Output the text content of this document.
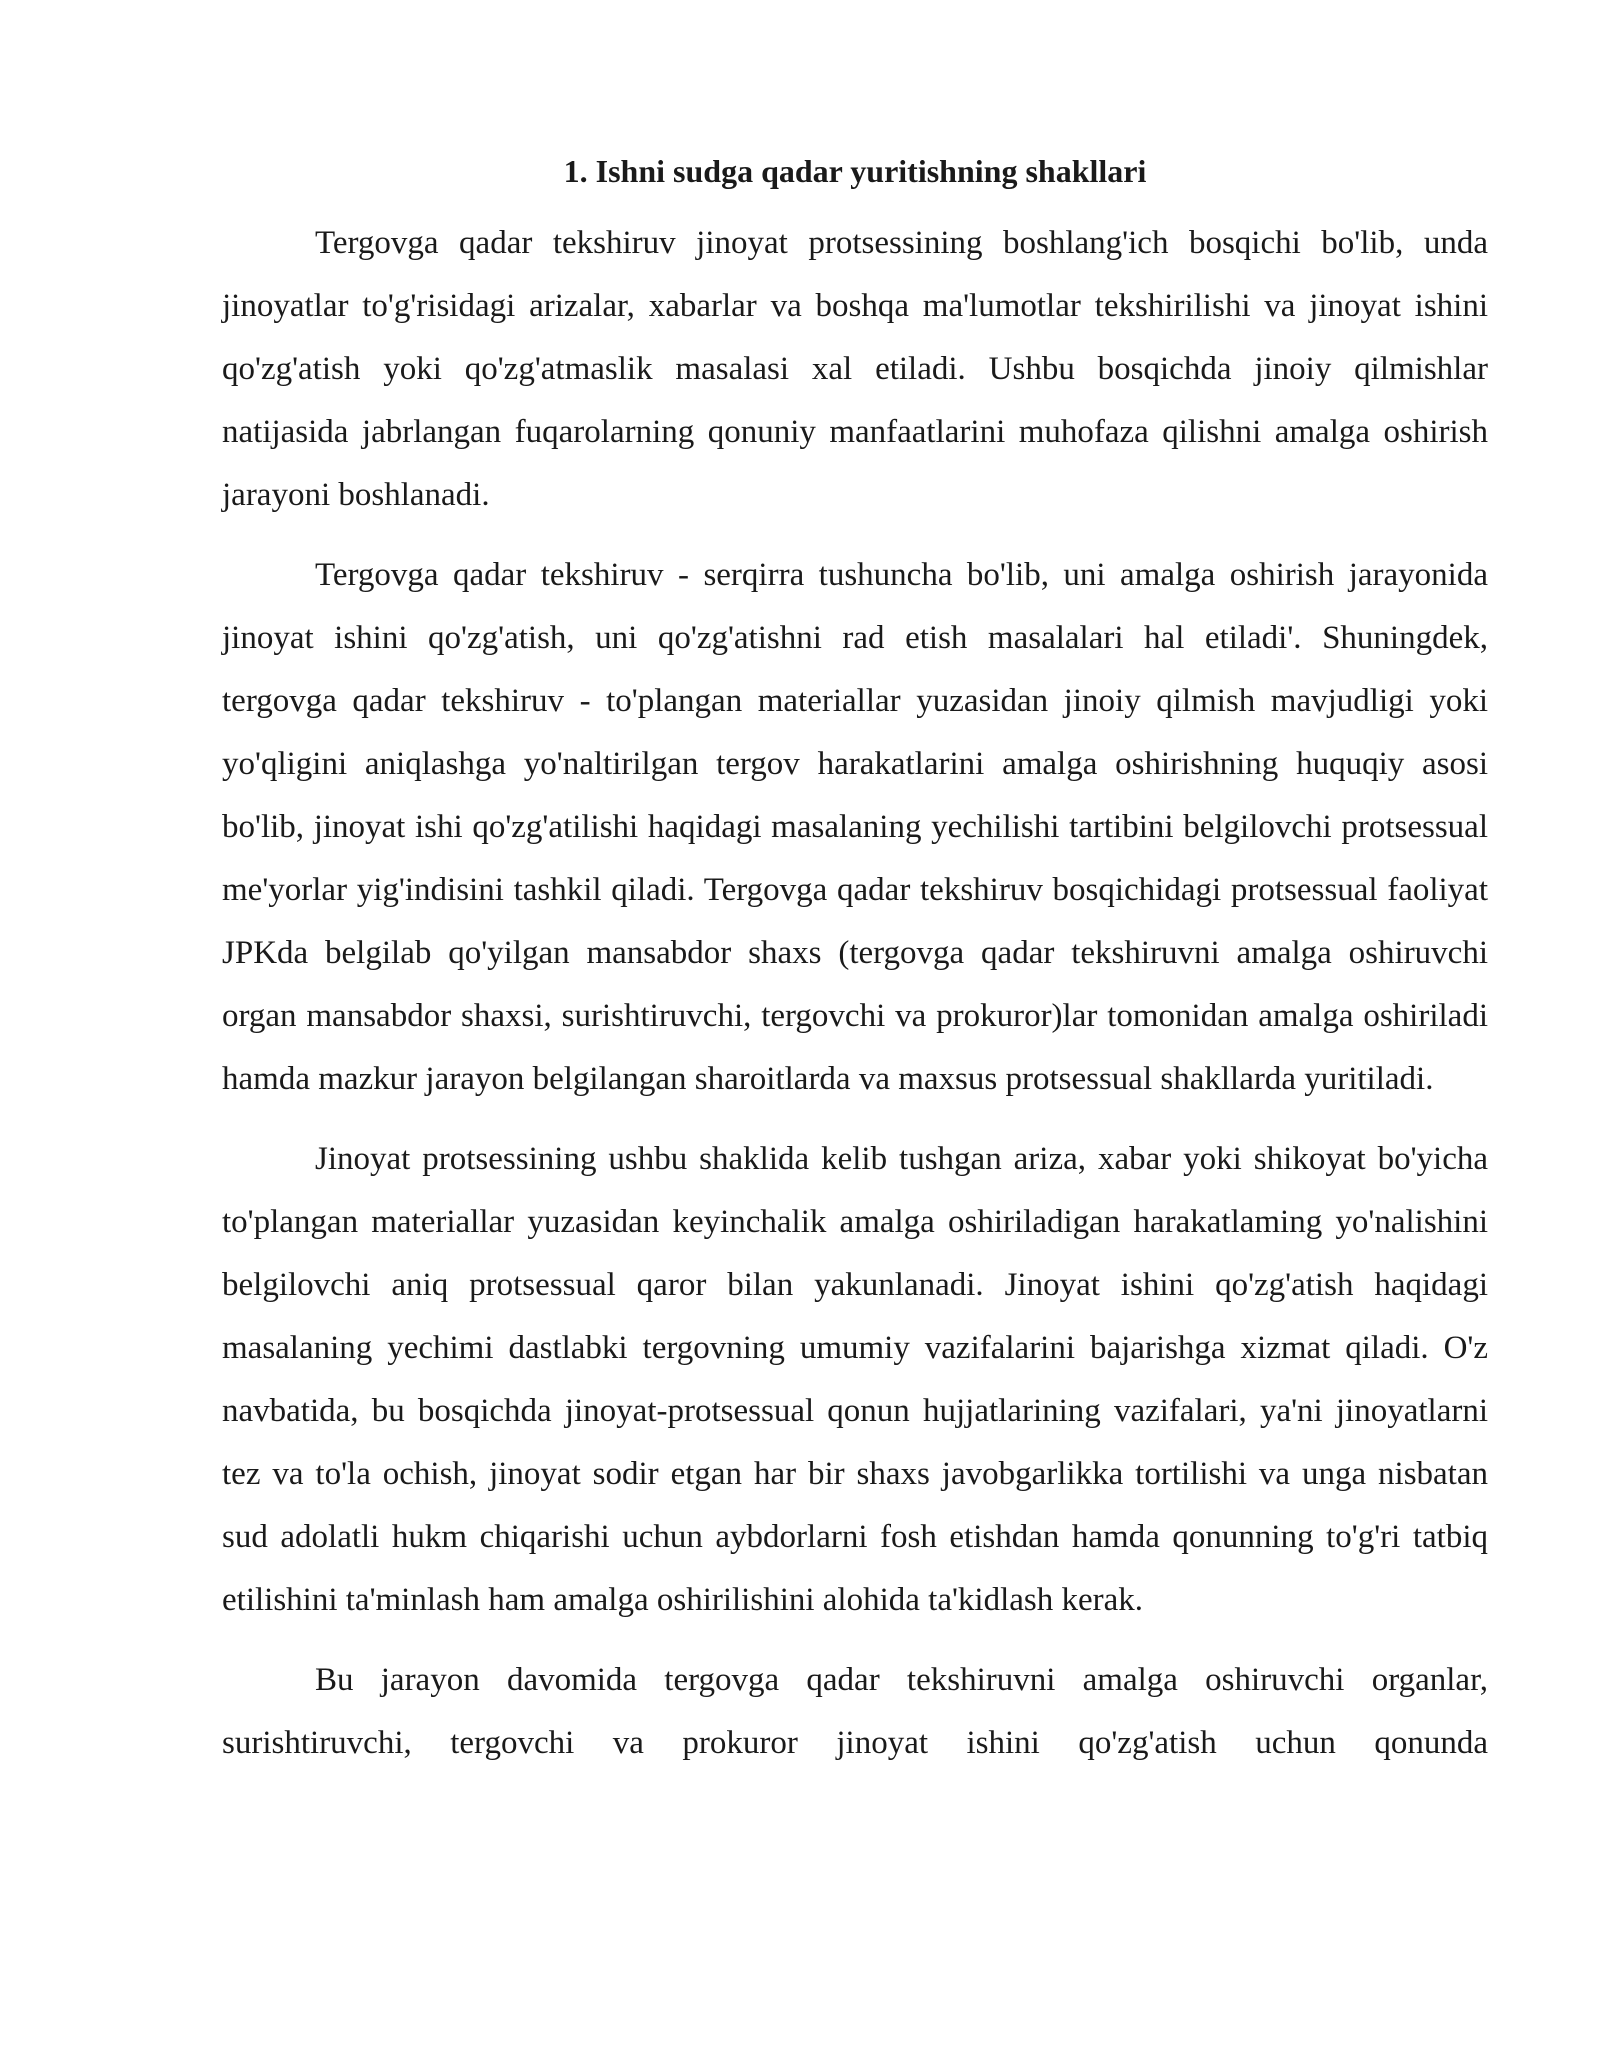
1. Ishni sudga qadar yuritishning shakllari

Tergovga qadar tekshiruv jinoyat protsessining boshlang'ich bosqichi bo'lib, unda jinoyatlar to'g'risidagi arizalar, xabarlar va boshqa ma'lumotlar tekshirilishi va jinoyat ishini qo'zg'atish yoki qo'zg'atmaslik masalasi xal etiladi. Ushbu bosqichda jinoiy qilmishlar natijasida jabrlangan fuqarolarning qonuniy manfaatlarini muhofaza qilishni amalga oshirish jarayoni boshlanadi.

Tergovga qadar tekshiruv - serqirra tushuncha bo'lib, uni amalga oshirish jarayonida jinoyat ishini qo'zg'atish, uni qo'zg'atishni rad etish masalalari hal etiladi'. Shuningdek, tergovga qadar tekshiruv - to'plangan materiallar yuzasidan jinoiy qilmish mavjudligi yoki yo'qligini aniqlashga yo'naltirilgan tergov harakatlarini amalga oshirishning huquqiy asosi bo'lib, jinoyat ishi qo'zg'atilishi haqidagi masalaning yechilishi tartibini belgilovchi protsessual me'yorlar yig'indisini tashkil qiladi. Tergovga qadar tekshiruv bosqichidagi protsessual faoliyat JPKda belgilab qo'yilgan mansabdor shaxs (tergovga qadar tekshiruvni amalga oshiruvchi organ mansabdor shaxsi, surishtiruvchi, tergovchi va prokuror)lar tomonidan amalga oshiriladi hamda mazkur jarayon belgilangan sharoitlarda va maxsus protsessual shakllarda yuritiladi.

Jinoyat protsessining ushbu shaklida kelib tushgan ariza, xabar yoki shikoyat bo'yicha to'plangan materiallar yuzasidan keyinchalik amalga oshiriladigan harakatlaming yo'nalishini belgilovchi aniq protsessual qaror bilan yakunlanadi. Jinoyat ishini qo'zg'atish haqidagi masalaning yechimi dastlabki tergovning umumiy vazifalarini bajarishga xizmat qiladi. O'z navbatida, bu bosqichda jinoyat-protsessual qonun hujjatlarining vazifalari, ya'ni jinoyatlarni tez va to'la ochish, jinoyat sodir etgan har bir shaxs javobgarlikka tortilishi va unga nisbatan sud adolatli hukm chiqarishi uchun aybdorlarni fosh etishdan hamda qonunning to'g'ri tatbiq etilishini ta'minlash ham amalga oshirilishini alohida ta'kidlash kerak.

Bu jarayon davomida tergovga qadar tekshiruvni amalga oshiruvchi organlar, surishtiruvchi, tergovchi va prokuror jinoyat ishini qo'zg'atish uchun qonunda
